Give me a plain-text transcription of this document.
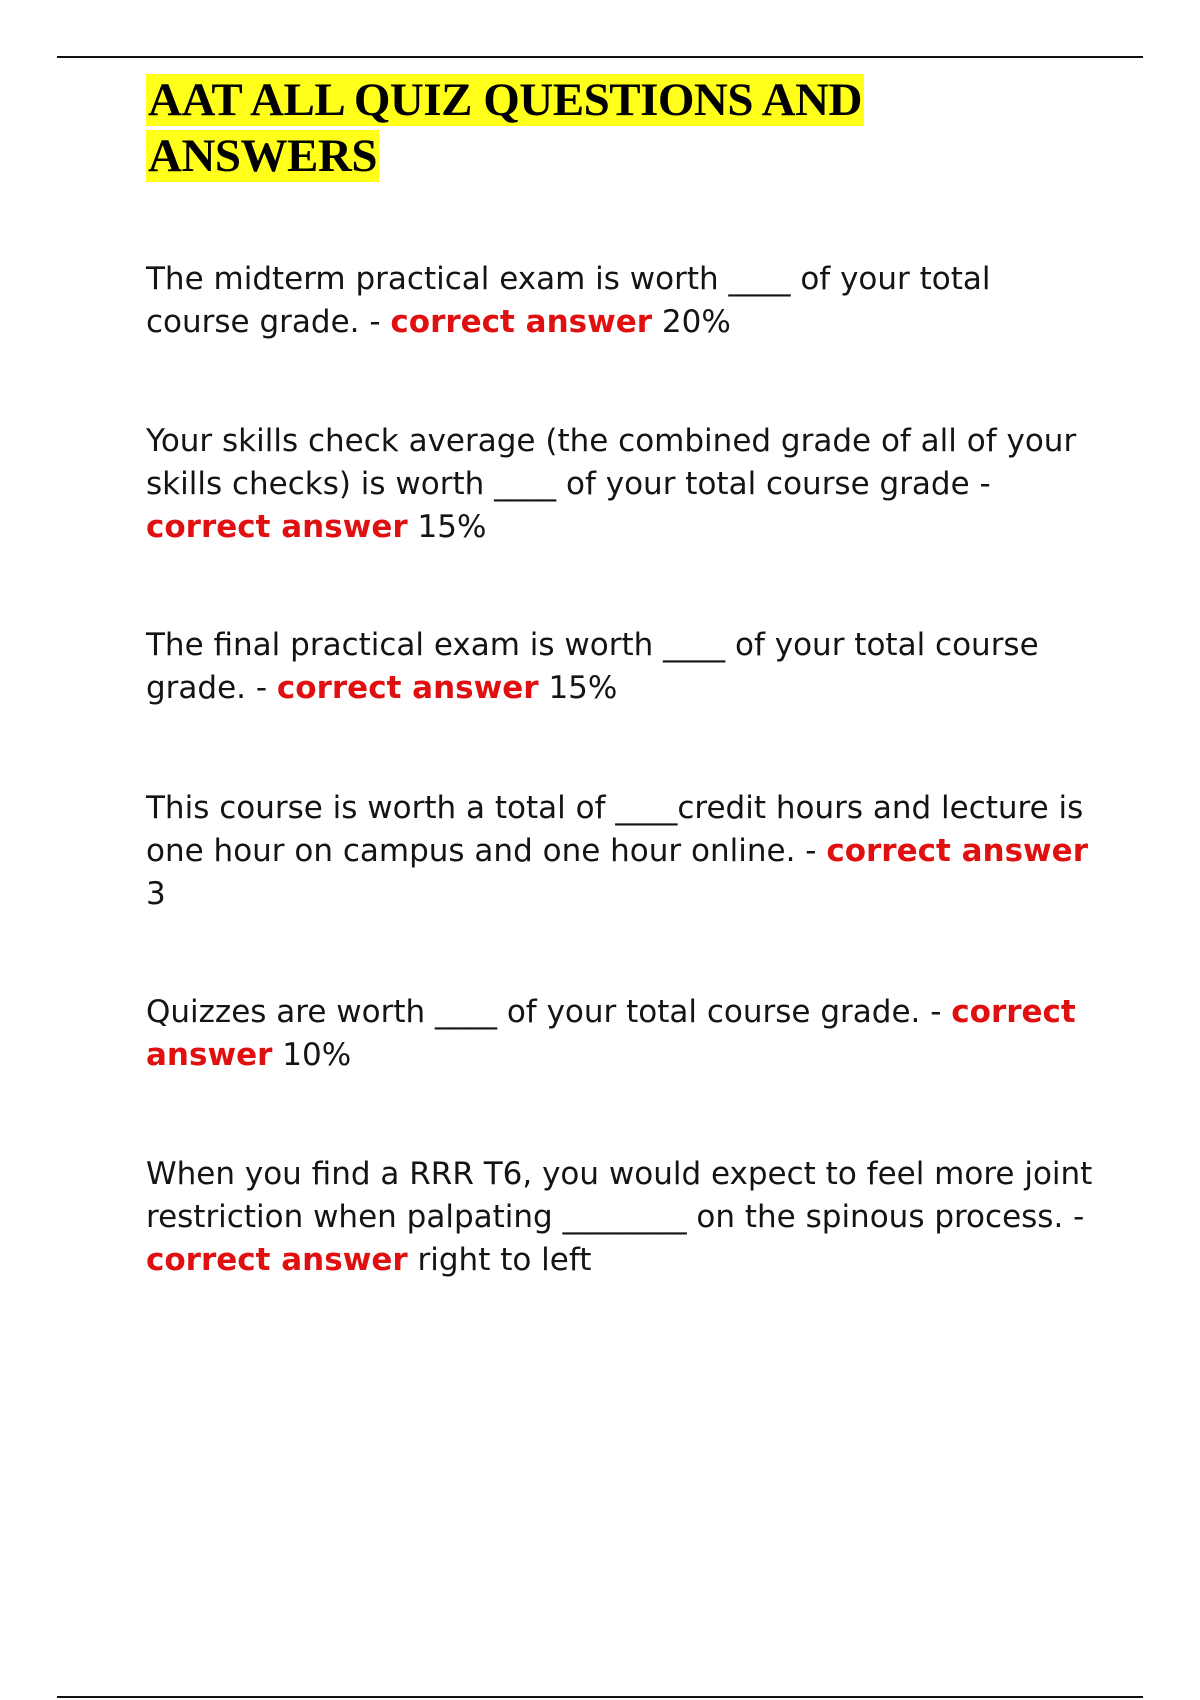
AAT ALL QUIZ QUESTIONS AND ANSWERS

The midterm practical exam is worth ____ of your total course grade. - correct answer 20%

Your skills check average (the combined grade of all of your skills checks) is worth ____ of your total course grade - correct answer 15%

The final practical exam is worth ____ of your total course grade. - correct answer 15%

This course is worth a total of ____credit hours and lecture is one hour on campus and one hour online. - correct answer 3

Quizzes are worth ____ of your total course grade. - correct answer 10%

When you find a RRR T6, you would expect to feel more joint restriction when palpating ________ on the spinous process. - correct answer right to left
